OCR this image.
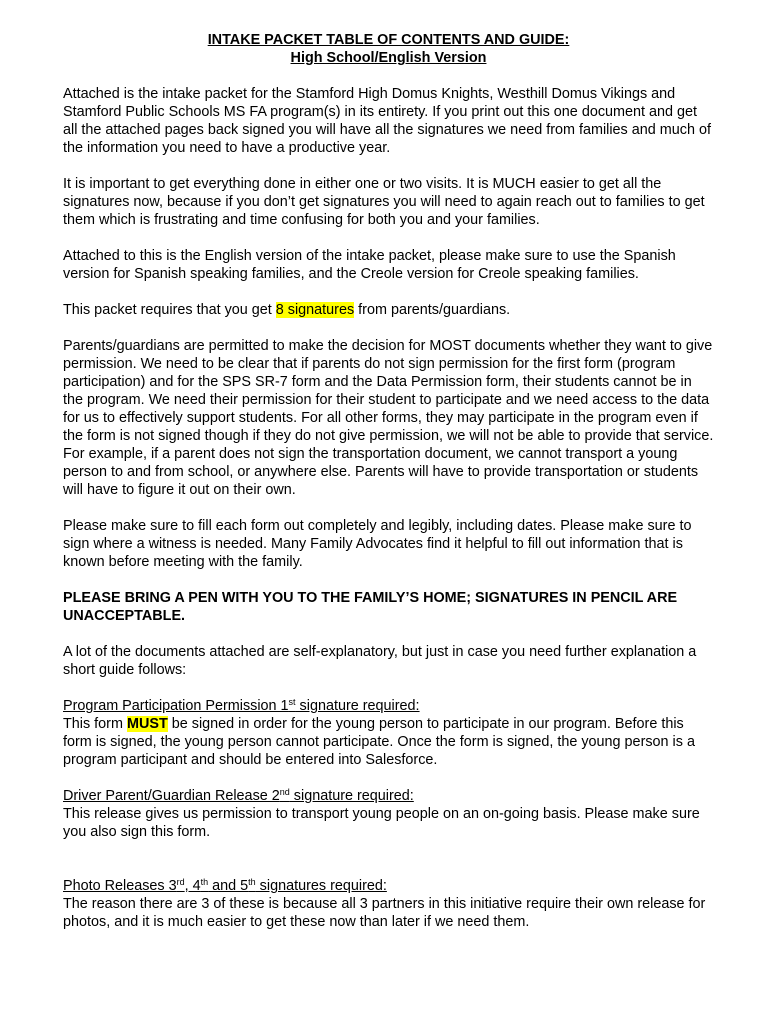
INTAKE PACKET TABLE OF CONTENTS AND GUIDE:
High School/English Version

Attached is the intake packet for the Stamford High Domus Knights, Westhill Domus Vikings and Stamford Public Schools MS FA program(s) in its entirety. If you print out this one document and get all the attached pages back signed you will have all the signatures we need from families and much of the information you need to have a productive year.

It is important to get everything done in either one or two visits. It is MUCH easier to get all the signatures now, because if you don’t get signatures you will need to again reach out to families to get them which is frustrating and time confusing for both you and your families.

Attached to this is the English version of the intake packet, please make sure to use the Spanish version for Spanish speaking families, and the Creole version for Creole speaking families.

This packet requires that you get 8 signatures from parents/guardians.

Parents/guardians are permitted to make the decision for MOST documents whether they want to give permission. We need to be clear that if parents do not sign permission for the first form (program participation) and for the SPS SR-7 form and the Data Permission form, their students cannot be in the program. We need their permission for their student to participate and we need access to the data for us to effectively support students. For all other forms, they may participate in the program even if the form is not signed though if they do not give permission, we will not be able to provide that service. For example, if a parent does not sign the transportation document, we cannot transport a young person to and from school, or anywhere else. Parents will have to provide transportation or students will have to figure it out on their own.

Please make sure to fill each form out completely and legibly, including dates. Please make sure to sign where a witness is needed. Many Family Advocates find it helpful to fill out information that is known before meeting with the family.

PLEASE BRING A PEN WITH YOU TO THE FAMILY’S HOME; SIGNATURES IN PENCIL ARE UNACCEPTABLE.

A lot of the documents attached are self-explanatory, but just in case you need further explanation a short guide follows:

Program Participation Permission 1st signature required:
This form MUST be signed in order for the young person to participate in our program. Before this form is signed, the young person cannot participate. Once the form is signed, the young person is a program participant and should be entered into Salesforce.
Driver Parent/Guardian Release 2nd signature required:
This release gives us permission to transport young people on an on-going basis. Please make sure you also sign this form.
Photo Releases 3rd, 4th and 5th signatures required:
The reason there are 3 of these is because all 3 partners in this initiative require their own release for photos, and it is much easier to get these now than later if we need them.
